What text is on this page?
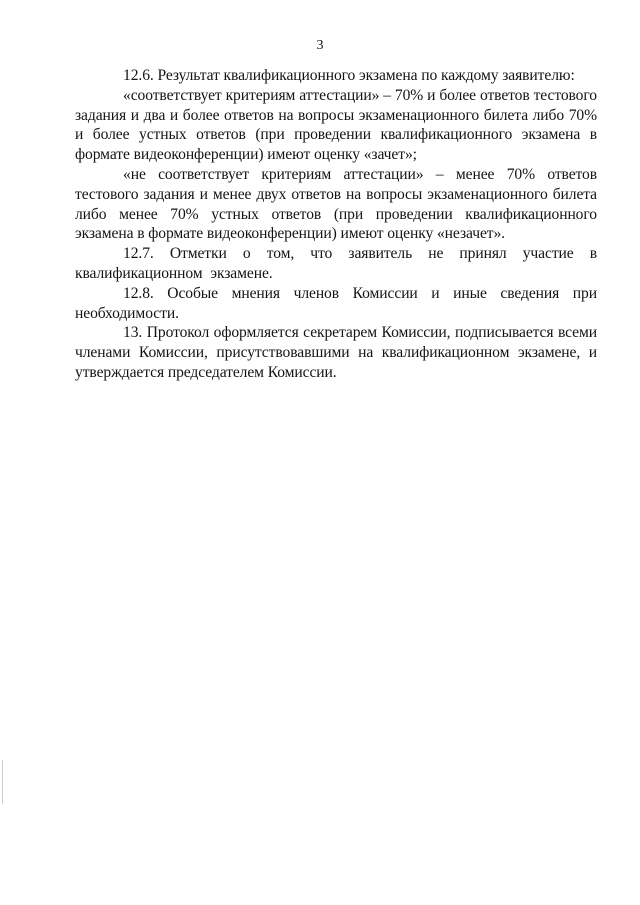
3

12.6. Результат квалификационного экзамена по каждому заявителю:

«соответствует критериям аттестации» – 70% и более ответов тестового задания и два и более ответов на вопросы экзаменационного билета либо 70% и более устных ответов (при проведении квалификационного экзамена в формате видеоконференции) имеют оценку «зачет»;

«не соответствует критериям аттестации» – менее 70% ответов тестового задания и менее двух ответов на вопросы экзаменационного билета либо менее 70% устных ответов (при проведении квалификационного экзамена в формате видеоконференции) имеют оценку «незачет».

12.7. Отметки о том, что заявитель не принял участие в квалификационном экзамене.

12.8. Особые мнения членов Комиссии и иные сведения при необходимости.

13. Протокол оформляется секретарем Комиссии, подписывается всеми членами Комиссии, присутствовавшими на квалификационном экзамене, и утверждается председателем Комиссии.
